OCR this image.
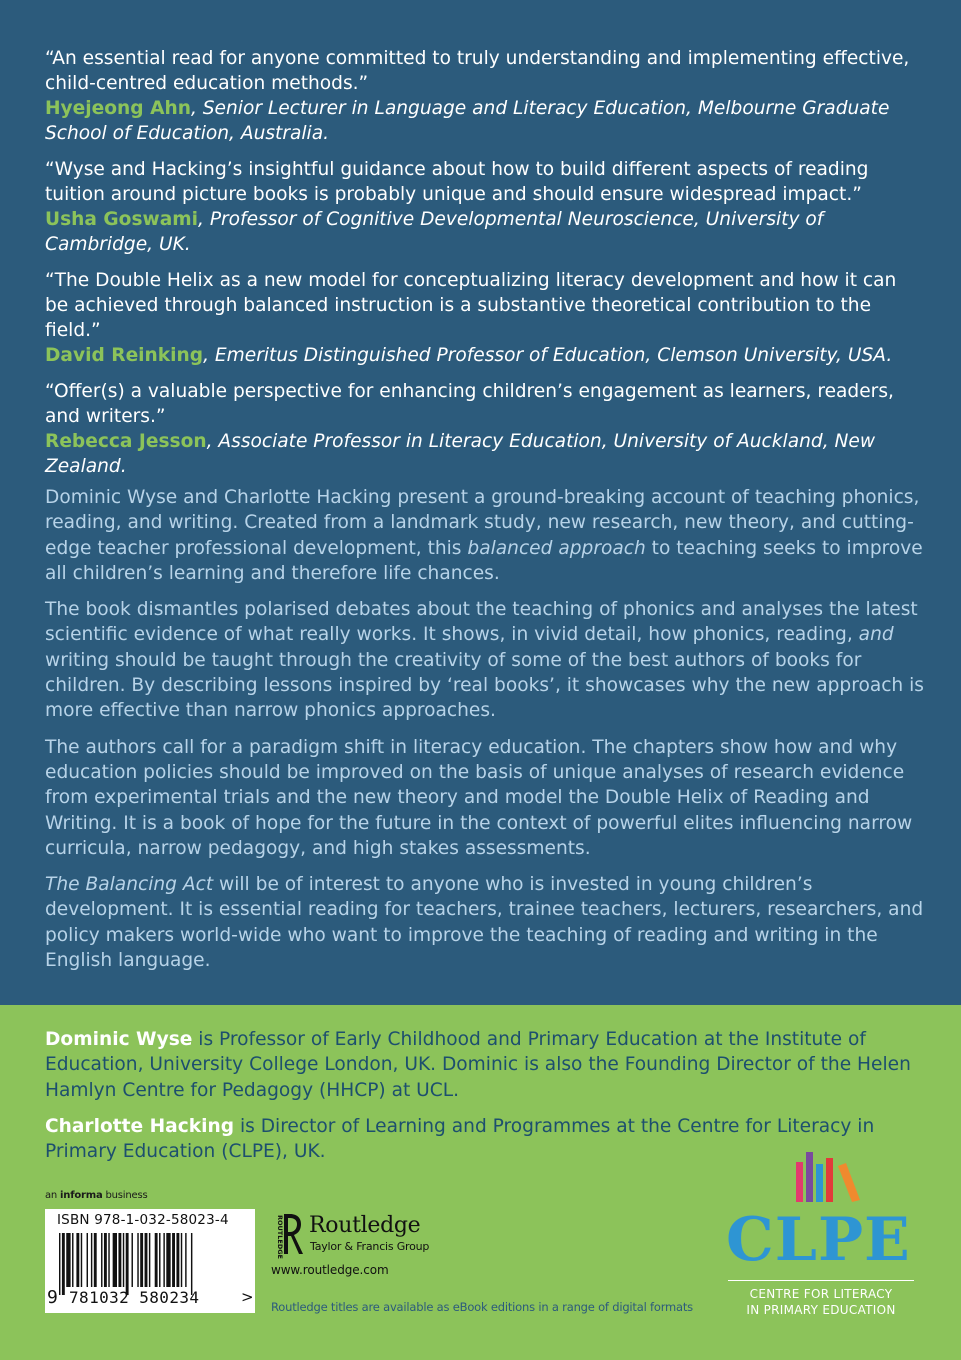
“An essential read for anyone committed to truly understanding and implementing effective, child-centred education methods.”
Hyejeong Ahn, Senior Lecturer in Language and Literacy Education, Melbourne Graduate School of Education, Australia.
“Wyse and Hacking’s insightful guidance about how to build different aspects of reading tuition around picture books is probably unique and should ensure widespread impact.”
Usha Goswami, Professor of Cognitive Developmental Neuroscience, University of Cambridge, UK.
“The Double Helix as a new model for conceptualizing literacy development and how it can be achieved through balanced instruction is a substantive theoretical contribution to the field.”
David Reinking, Emeritus Distinguished Professor of Education, Clemson University, USA.
“Offer(s) a valuable perspective for enhancing children’s engagement as learners, readers, and writers.”
Rebecca Jesson, Associate Professor in Literacy Education, University of Auckland, New Zealand.

Dominic Wyse and Charlotte Hacking present a ground-breaking account of teaching phonics, reading, and writing. Created from a landmark study, new research, new theory, and cutting-edge teacher professional development, this balanced approach to teaching seeks to improve all children’s learning and therefore life chances.

The book dismantles polarised debates about the teaching of phonics and analyses the latest scientific evidence of what really works. It shows, in vivid detail, how phonics, reading, and writing should be taught through the creativity of some of the best authors of books for children. By describing lessons inspired by ‘real books’, it showcases why the new approach is more effective than narrow phonics approaches.

The authors call for a paradigm shift in literacy education. The chapters show how and why education policies should be improved on the basis of unique analyses of research evidence from experimental trials and the new theory and model the Double Helix of Reading and Writing. It is a book of hope for the future in the context of powerful elites influencing narrow curricula, narrow pedagogy, and high stakes assessments.

The Balancing Act will be of interest to anyone who is invested in young children’s development. It is essential reading for teachers, trainee teachers, lecturers, researchers, and policy makers world-wide who want to improve the teaching of reading and writing in the English language.

Dominic Wyse is Professor of Early Childhood and Primary Education at the Institute of Education, University College London, UK. Dominic is also the Founding Director of the Helen Hamlyn Centre for Pedagogy (HHCP) at UCL.

Charlotte Hacking is Director of Learning and Programmes at the Centre for Literacy in Primary Education (CLPE), UK.

an informa business
ISBN 978-1-032-58023-4
9 781032 580234	>
ROUTLEDGE Routledge
Taylor & Francis Group
www.routledge.com
Routledge titles are available as eBook editions in a range of digital formats
CLPE
CENTRE FOR LITERACY
IN PRIMARY EDUCATION
